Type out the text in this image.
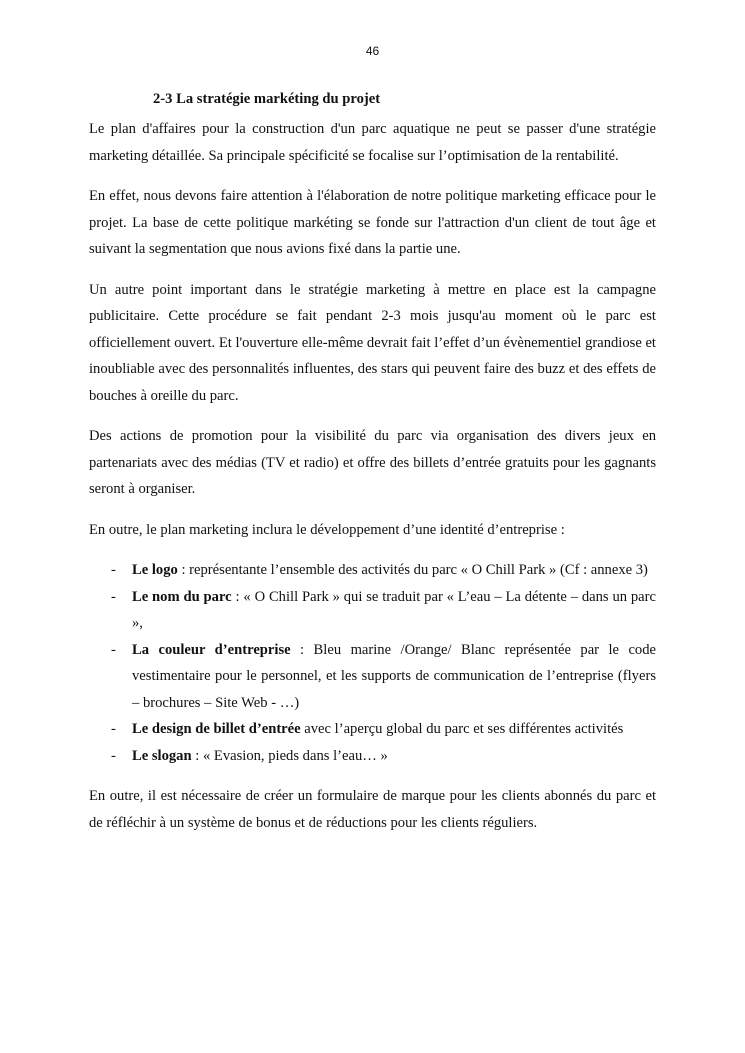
46
2-3 La stratégie markéting du projet

Le plan d'affaires pour la construction d'un parc aquatique ne peut se passer d'une stratégie marketing détaillée. Sa principale spécificité se focalise sur l’optimisation de la rentabilité.

En effet, nous devons faire attention à l'élaboration de notre politique marketing efficace pour le projet. La base de cette politique markéting se fonde sur l'attraction d'un client de tout âge et suivant la segmentation que nous avions fixé dans la partie une.

Un autre point important dans le stratégie marketing à mettre en place est la campagne publicitaire. Cette procédure se fait pendant 2-3 mois jusqu'au moment où le parc est officiellement ouvert. Et l'ouverture elle-même devrait fait l’effet d’un évènementiel grandiose et inoubliable avec des personnalités influentes, des stars qui peuvent faire des buzz et des effets de bouches à oreille du parc.

Des actions de promotion pour la visibilité du parc via organisation des divers jeux en partenariats avec des médias (TV et radio) et offre des billets d’entrée gratuits pour les gagnants seront à organiser.

En outre, le plan marketing inclura le développement d’une identité d’entreprise :

- Le logo : représentante l’ensemble des activités du parc « O Chill Park » (Cf : annexe 3)
- Le nom du parc : « O Chill Park » qui se traduit par « L’eau – La détente – dans un parc »,
- La couleur d’entreprise : Bleu marine /Orange/ Blanc représentée par le code vestimentaire pour le personnel, et les supports de communication de l’entreprise (flyers – brochures – Site Web - …)
- Le design de billet d’entrée avec l’aperçu global du parc et ses différentes activités
- Le slogan : « Evasion, pieds dans l’eau… »

En outre, il est nécessaire de créer un formulaire de marque pour les clients abonnés du parc et de réfléchir à un système de bonus et de réductions pour les clients réguliers.
